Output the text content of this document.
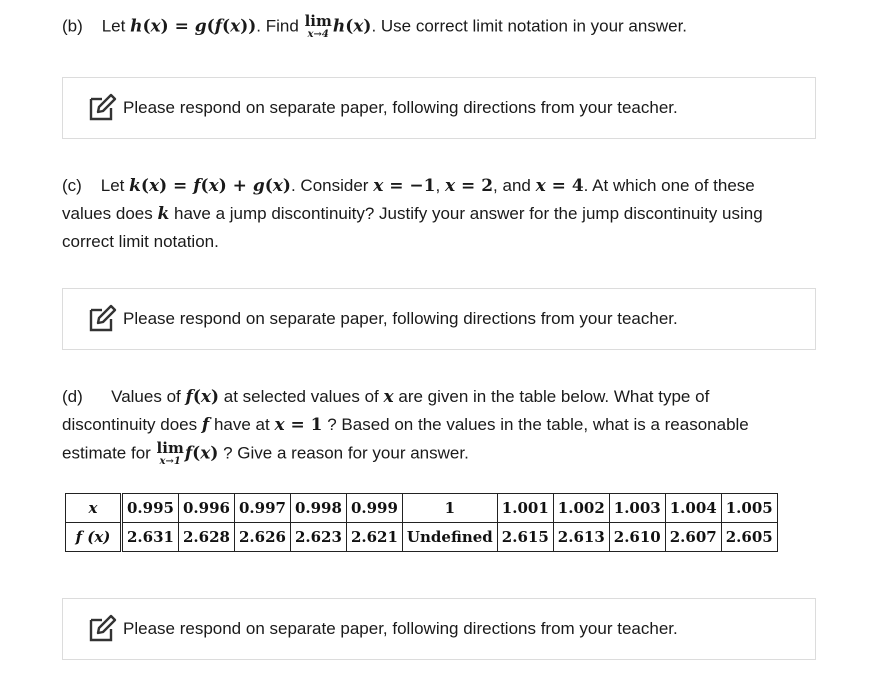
(b) Let h(x) = g(f(x)). Find lim
x→4 h(x). Use correct limit notation in your answer.
Please respond on separate paper, following directions from your teacher.
(c) Let k(x) = f(x) + g(x). Consider x = −1, x = 2, and x = 4. At which one of these
values does k have a jump discontinuity? Justify your answer for the jump discontinuity using
correct limit notation.
Please respond on separate paper, following directions from your teacher.
(d) Values of f(x) at selected values of x are given in the table below. What type of
discontinuity does f have at x = 1 ? Based on the values in the table, what is a reasonable
estimate for lim
x→1 f(x) ? Give a reason for your answer.
x	0.995	0.996	0.997	0.998	0.999	1	1.001	1.002	1.003	1.004	1.005
f (x)	2.631	2.628	2.626	2.623	2.621	Undefined	2.615	2.613	2.610	2.607	2.605
Please respond on separate paper, following directions from your teacher.
